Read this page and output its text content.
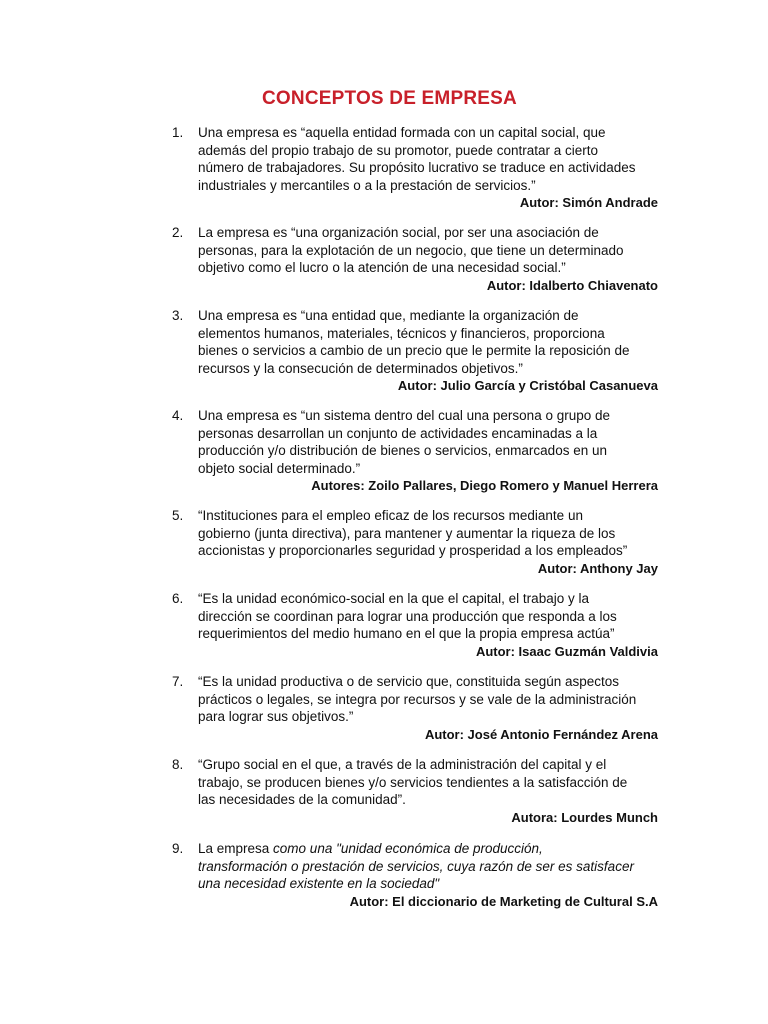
CONCEPTOS DE EMPRESA
1. Una empresa es “aquella entidad formada con un capital social, que
además del propio trabajo de su promotor, puede contratar a cierto
número de trabajadores. Su propósito lucrativo se traduce en actividades
industriales y mercantiles o a la prestación de servicios.”
Autor: Simón Andrade
2. La empresa es “una organización social, por ser una asociación de
personas, para la explotación de un negocio, que tiene un determinado
objetivo como el lucro o la atención de una necesidad social.”
Autor: Idalberto Chiavenato
3. Una empresa es “una entidad que, mediante la organización de
elementos humanos, materiales, técnicos y financieros, proporciona
bienes o servicios a cambio de un precio que le permite la reposición de
recursos y la consecución de determinados objetivos.”
Autor: Julio García y Cristóbal Casanueva
4. Una empresa es “un sistema dentro del cual una persona o grupo de
personas desarrollan un conjunto de actividades encaminadas a la
producción y/o distribución de bienes o servicios, enmarcados en un
objeto social determinado.”
Autores: Zoilo Pallares, Diego Romero y Manuel Herrera
5. “Instituciones para el empleo eficaz de los recursos mediante un
gobierno (junta directiva), para mantener y aumentar la riqueza de los
accionistas y proporcionarles seguridad y prosperidad a los empleados”
Autor: Anthony Jay
6. “Es la unidad económico-social en la que el capital, el trabajo y la
dirección se coordinan para lograr una producción que responda a los
requerimientos del medio humano en el que la propia empresa actúa”
Autor: Isaac Guzmán Valdivia
7. “Es la unidad productiva o de servicio que, constituida según aspectos
prácticos o legales, se integra por recursos y se vale de la administración
para lograr sus objetivos.”
Autor: José Antonio Fernández Arena
8. “Grupo social en el que, a través de la administración del capital y el
trabajo, se producen bienes y/o servicios tendientes a la satisfacción de
las necesidades de la comunidad”.
Autora: Lourdes Munch
9. La empresa como una "unidad económica de producción,
transformación o prestación de servicios, cuya razón de ser es satisfacer
una necesidad existente en la sociedad"
Autor: El diccionario de Marketing de Cultural S.A
